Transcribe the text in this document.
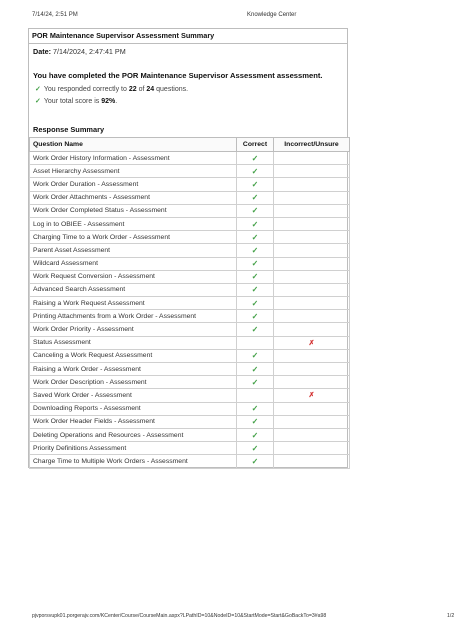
7/14/24, 2:51 PM	Knowledge Center
POR Maintenance Supervisor Assessment Summary
Date: 7/14/2024, 2:47:41 PM
You have completed the POR Maintenance Supervisor Assessment assessment.
✓ You responded correctly to 22 of 24 questions.
✓ Your total score is 92%.
Response Summary
Question Name	Correct	Incorrect/Unsure
Work Order History Information - Assessment	✓	
Asset Hierarchy Assessment	✓	
Work Order Duration - Assessment	✓	
Work Order Attachments - Assessment	✓	
Work Order Completed Status - Assessment	✓	
Log in to OBIEE - Assessment	✓	
Charging Time to a Work Order - Assessment	✓	
Parent Asset Assessment	✓	
Wildcard Assessment	✓	
Work Request Conversion - Assessment	✓	
Advanced Search Assessment	✓	
Raising a Work Request Assessment	✓	
Printing Attachments from a Work Order - Assessment	✓	
Work Order Priority - Assessment	✓	
Status Assessment		✗
Canceling a Work Request Assessment	✓	
Raising a Work Order - Assessment	✓	
Work Order Description - Assessment	✓	
Saved Work Order - Assessment		✗
Downloading Reports - Assessment	✓	
Work Order Header Fields - Assessment	✓	
Deleting Operations and Resources - Assessment	✓	
Priority Definitions Assessment	✓	
Charge Time to Multiple Work Orders - Assessment	✓	
pjvporsvupk01.porgerajv.com/KCenter/Course/CourseMain.aspx?LPathID=10&NodeID=10&StartMode=Start&GoBackTo=3#a98	1/2
